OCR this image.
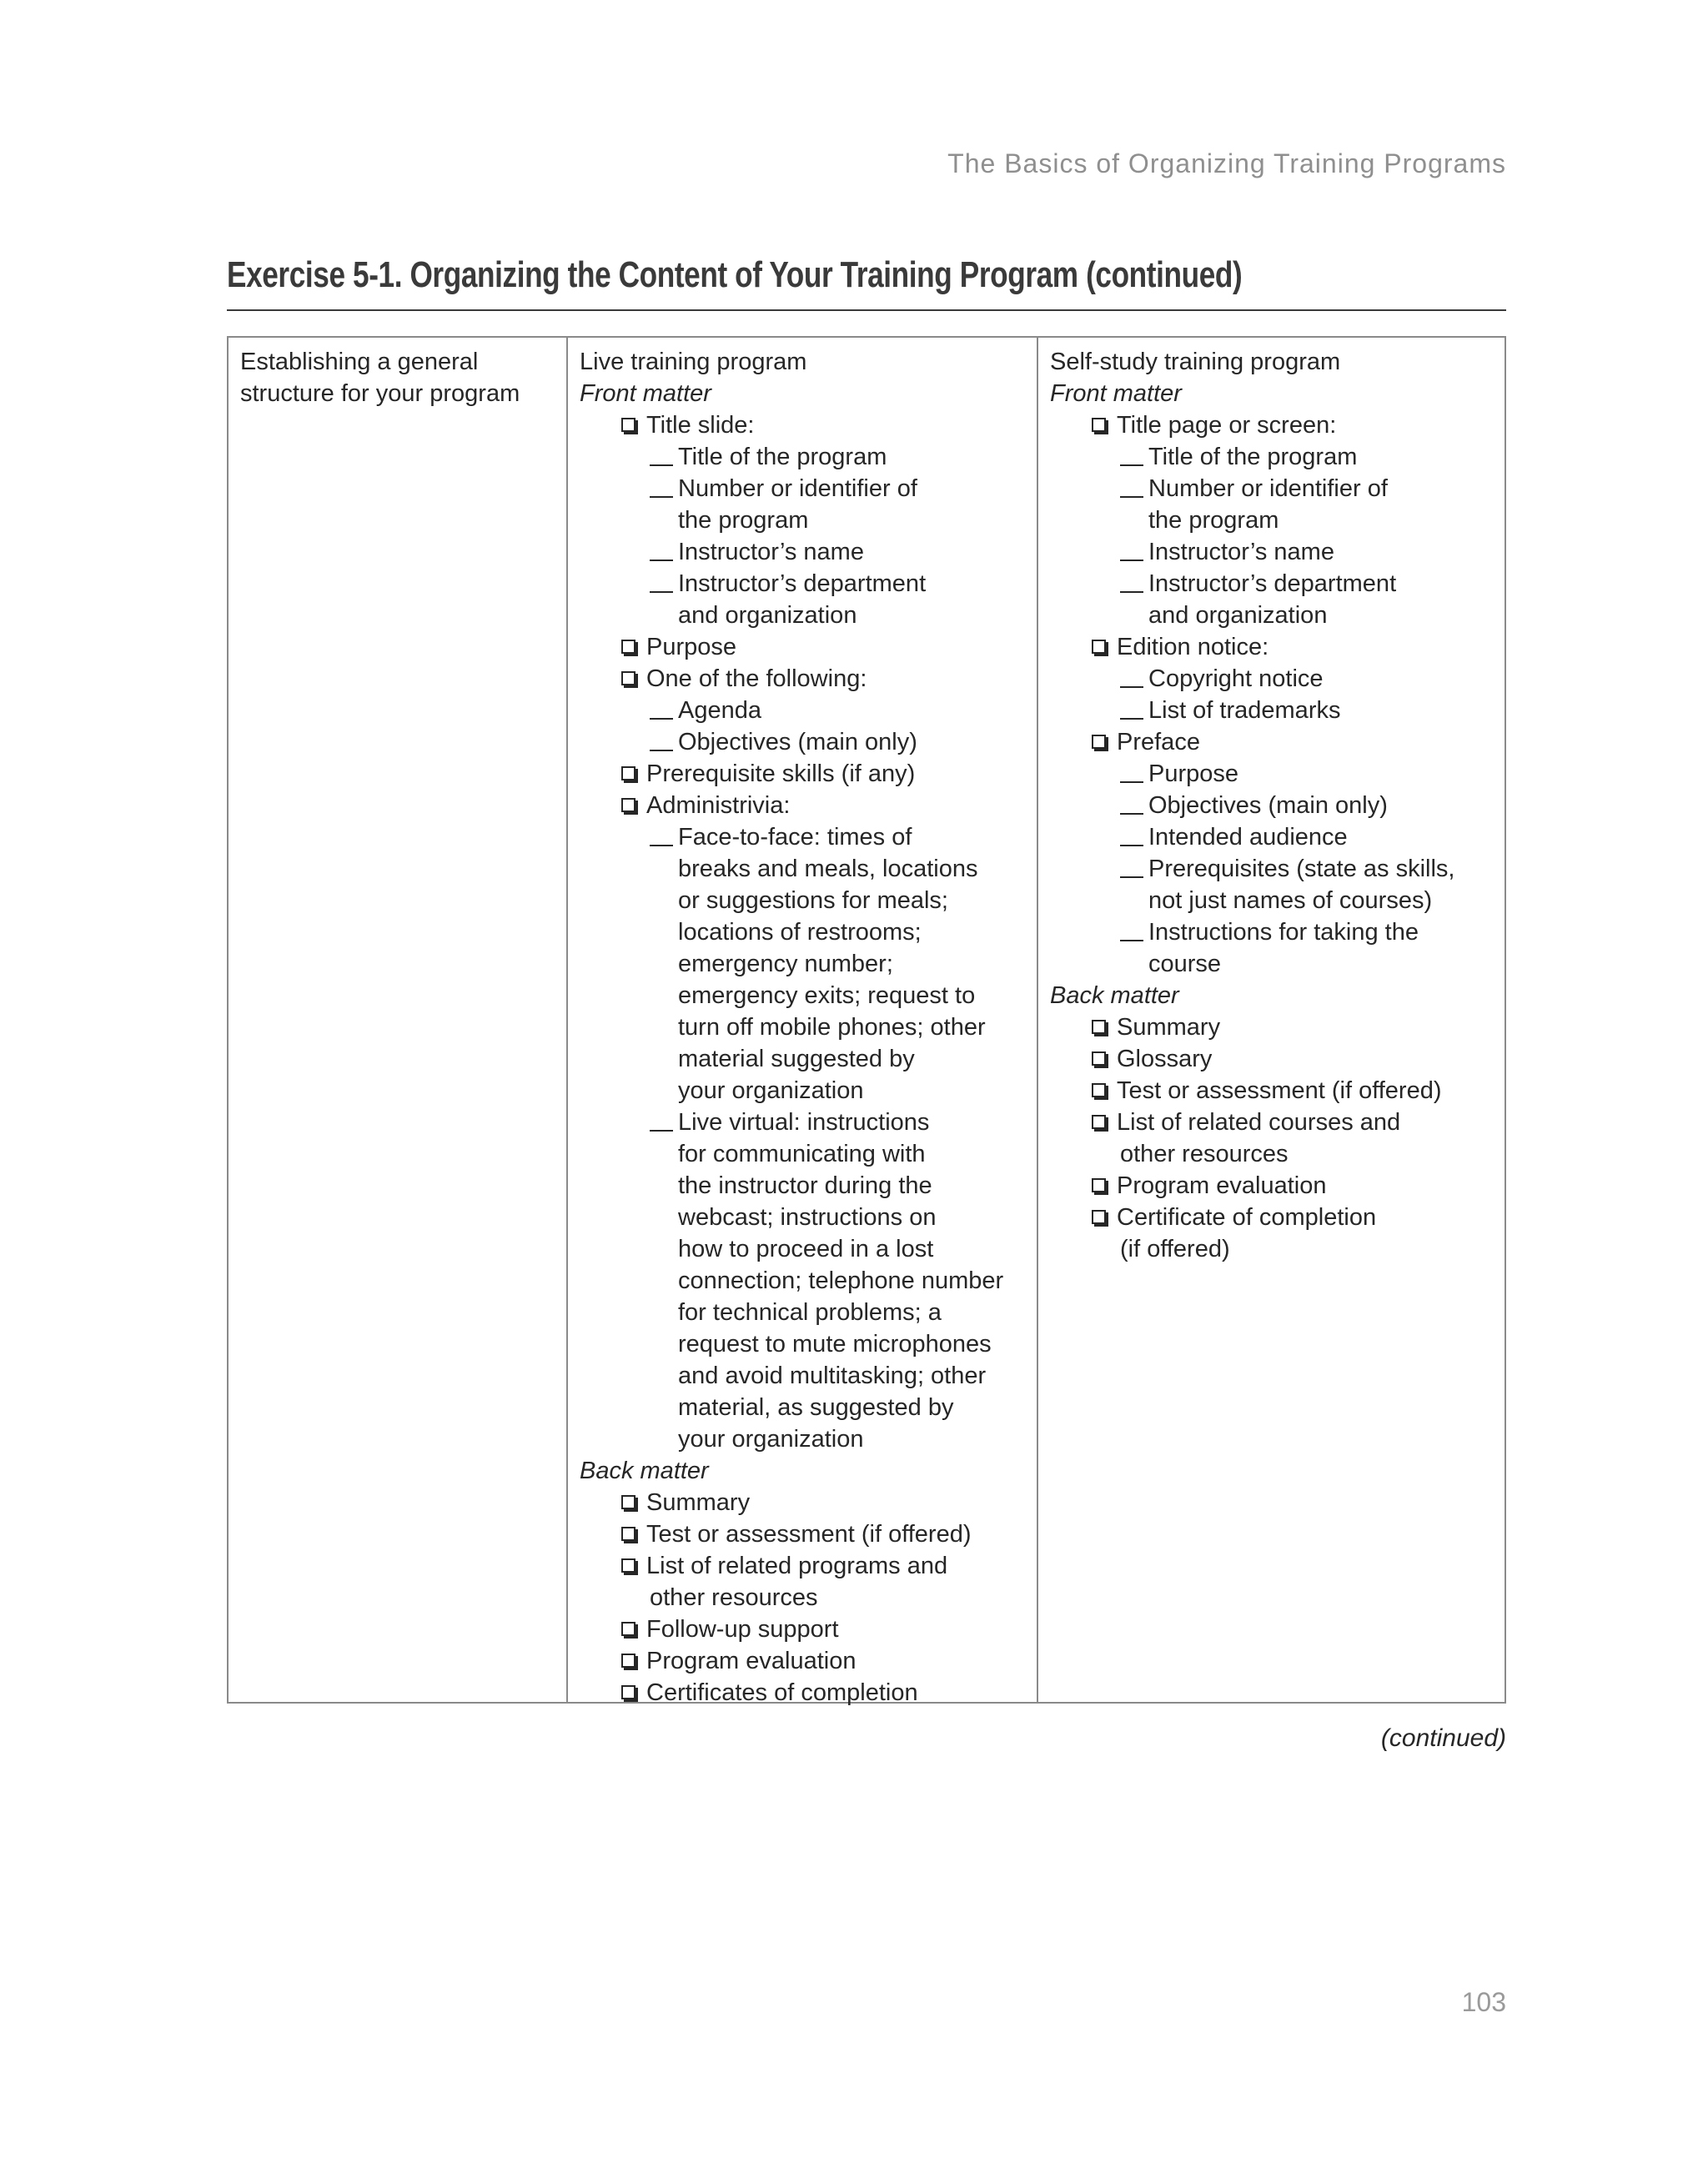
The Basics of Organizing Training Programs
Exercise 5-1. Organizing the Content of Your Training Program (continued)
Establishing a general
structure for your program
Live training program
Front matter
Title slide:
Title of the program
Number or identifier of
the program
Instructor’s name
Instructor’s department
and organization
Purpose
One of the following:
Agenda
Objectives (main only)
Prerequisite skills (if any)
Administrivia:
Face-to-face: times of
breaks and meals, locations
or suggestions for meals;
locations of restrooms;
emergency number;
emergency exits; request to
turn off mobile phones; other
material suggested by
your organization
Live virtual: instructions
for communicating with
the instructor during the
webcast; instructions on
how to proceed in a lost
connection; telephone number
for technical problems; a
request to mute microphones
and avoid multitasking; other
material, as suggested by
your organization
Back matter
Summary
Test or assessment (if offered)
List of related programs and
other resources
Follow-up support
Program evaluation
Certificates of completion
Self-study training program
Front matter
Title page or screen:
Title of the program
Number or identifier of
the program
Instructor’s name
Instructor’s department
and organization
Edition notice:
Copyright notice
List of trademarks
Preface
Purpose
Objectives (main only)
Intended audience
Prerequisites (state as skills,
not just names of courses)
Instructions for taking the
course
Back matter
Summary
Glossary
Test or assessment (if offered)
List of related courses and
other resources
Program evaluation
Certificate of completion
(if offered)
(continued)
103
